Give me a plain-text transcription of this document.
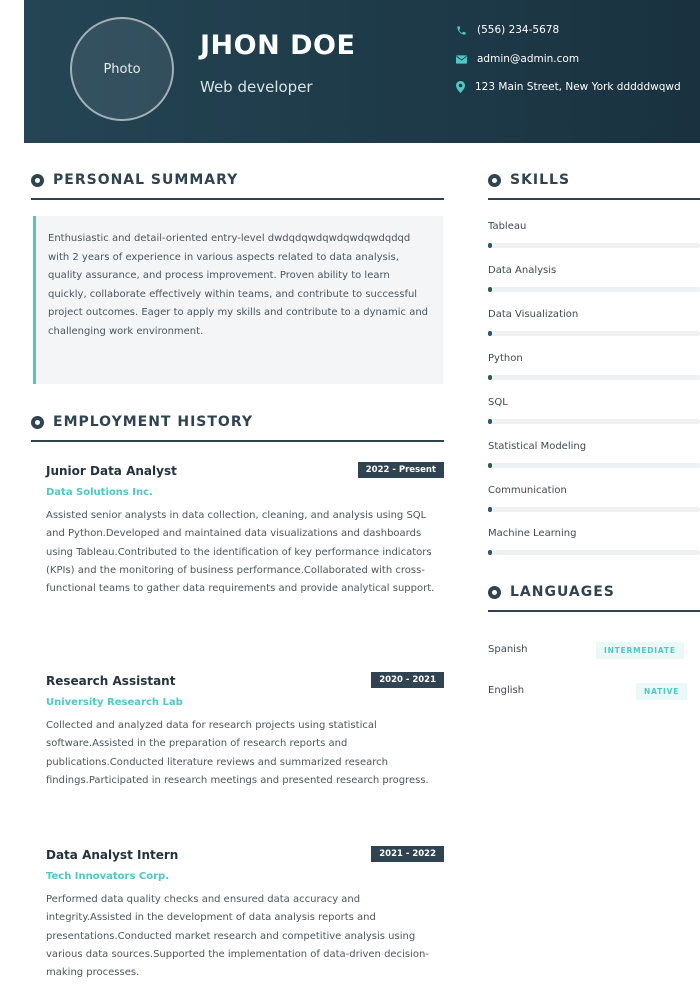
Photo
JHON DOE
Web developer
(556) 234-5678
admin@admin.com
123 Main Street, New York dddddwqwd
PERSONAL SUMMARY

Enthusiastic and detail-oriented entry-level dwdqdqwdqwdqwdqwdqdqd with 2 years of experience in various aspects related to data analysis, quality assurance, and process improvement. Proven ability to learn quickly, collaborate effectively within teams, and contribute to successful project outcomes. Eager to apply my skills and contribute to a dynamic and challenging work environment.

EMPLOYMENT HISTORY
Junior Data Analyst	2022 - Present
Data Solutions Inc.
Assisted senior analysts in data collection, cleaning, and analysis using SQL and Python.Developed and maintained data visualizations and dashboards using Tableau.Contributed to the identification of key performance indicators (KPIs) and the monitoring of business performance.Collaborated with cross-functional teams to gather data requirements and provide analytical support.
Research Assistant	2020 - 2021
University Research Lab
Collected and analyzed data for research projects using statistical software.Assisted in the preparation of research reports and publications.Conducted literature reviews and summarized research findings.Participated in research meetings and presented research progress.
Data Analyst Intern	2021 - 2022
Tech Innovators Corp.
Performed data quality checks and ensured data accuracy and integrity.Assisted in the development of data analysis reports and presentations.Conducted market research and competitive analysis using various data sources.Supported the implementation of data-driven decision-making processes.
SKILLS
Tableau
Data Analysis
Data Visualization
Python
SQL
Statistical Modeling
Communication
Machine Learning
LANGUAGES
Spanish	INTERMEDIATE
English	NATIVE
